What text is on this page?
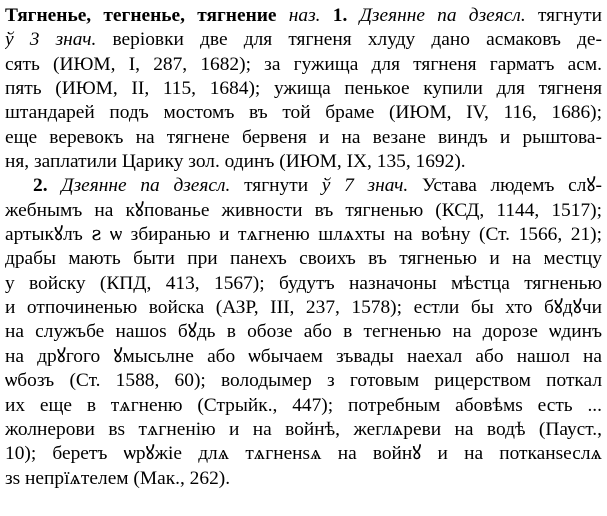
Тягненье, тегненье, тягнение наз. 1. Дзеянне па дзеясл. тягнути
ў 3 знач. веріовки две для тягненя хлуду дано асмаковъ де-
сять (ИЮМ, I, 287, 1682); за гужища для тягненя гарматъ асм.
пять (ИЮМ, II, 115, 1684); ужища пенькое купили для тягненя
штандарей подъ мостомъ въ той браме (ИЮМ, IV, 116, 1686);
еще веревокъ на тягнене бервеня и на везане виндъ и рыштова-
ня, заплатили Царику зол. одинъ (ИЮМ, IX, 135, 1692).
2. Дзеянне па дзеясл. тягнути ў 7 знач. Устава людемъ слꙋ-
жебнымъ на кꙋпованье живности въ тягненью (КСД, 1144, 1517);
артыкꙋлъ ꙅ ѡ збиранью и тѧгненю шлѧхты на воѣну (Ст. 1566, 21);
драбы мають быти при панехъ своихъ въ тягненью и на местцу
у войску (КПД, 413, 1567); будутъ назначоны мѣстца тягненью
и отпочиненью войска (АЗР, III, 237, 1578); естли бы хто бꙋдꙋчи
на служъбе нашоѕ бꙋдь в обозе або в тегненью на дорозе ѡдинъ
на дрꙋгого ꙋмысьлне або ѡбычаем зъвады наехал або нашол на
ѡбозъ (Ст. 1588, 60); володымер з готовым рицерством поткал
их еще в тѧгненю (Стрыйк., 447); потребным абовѣмѕ есть ...
жолнерови вѕ тѧгненію и на войнѣ, жеглѧреви на водѣ (Пауст.,
10); беретъ ѡрꙋжіе длѧ тѧгненѕѧ на войнꙋ и на потканѕеслѧ
зѕ непрїѧтелем (Мак., 262).
